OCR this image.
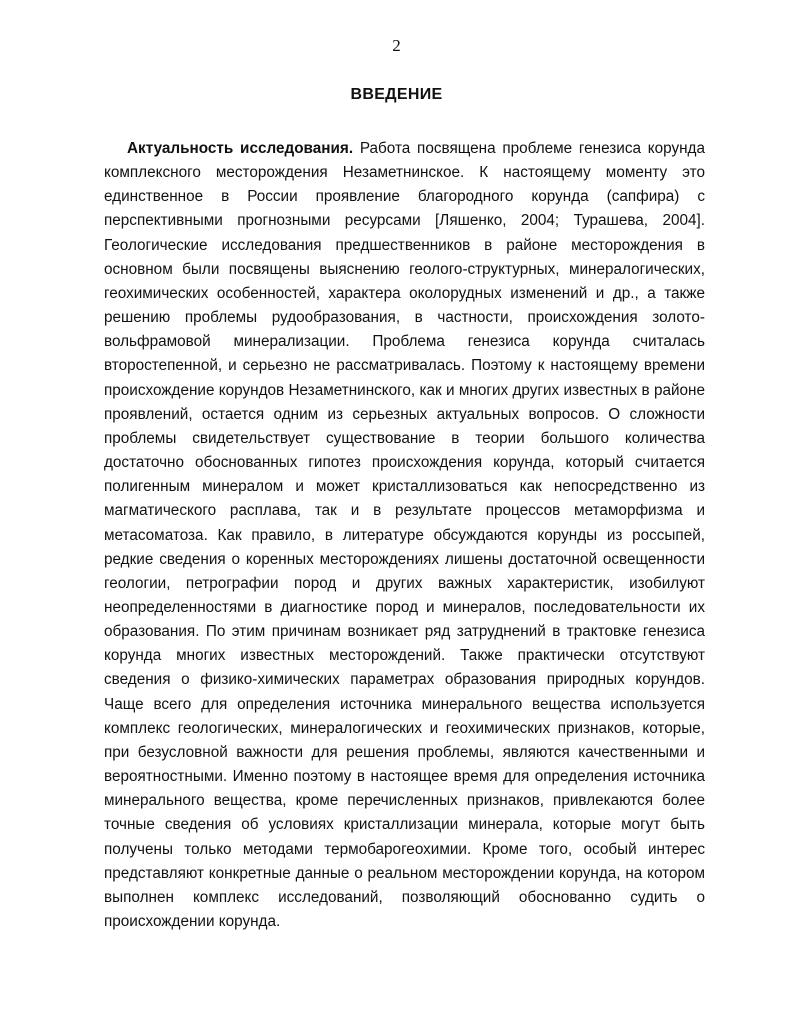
2
ВВЕДЕНИЕ

Актуальность исследования. Работа посвящена проблеме генезиса корунда комплексного месторождения Незаметнинское. К настоящему моменту это единственное в России проявление благородного корунда (сапфира) с перспективными прогнозными ресурсами [Ляшенко, 2004; Турашева, 2004]. Геологические исследования предшественников в районе месторождения в основном были посвящены выяснению геолого-структурных, минералогических, геохимических особенностей, характера околорудных изменений и др., а также решению проблемы рудообразования, в частности, происхождения золото-вольфрамовой минерализации. Проблема генезиса корунда считалась второстепенной, и серьезно не рассматривалась. Поэтому к настоящему времени происхождение корундов Незаметнинского, как и многих других известных в районе проявлений, остается одним из серьезных актуальных вопросов. О сложности проблемы свидетельствует существование в теории большого количества достаточно обоснованных гипотез происхождения корунда, который считается полигенным минералом и может кристаллизоваться как непосредственно из магматического расплава, так и в результате процессов метаморфизма и метасоматоза. Как правило, в литературе обсуждаются корунды из россыпей, редкие сведения о коренных месторождениях лишены достаточной освещенности геологии, петрографии пород и других важных характеристик, изобилуют неопределенностями в диагностике пород и минералов, последовательности их образования. По этим причинам возникает ряд затруднений в трактовке генезиса корунда многих известных месторождений. Также практически отсутствуют сведения о физико-химических параметрах образования природных корундов. Чаще всего для определения источника минерального вещества используется комплекс геологических, минералогических и геохимических признаков, которые, при безусловной важности для решения проблемы, являются качественными и вероятностными. Именно поэтому в настоящее время для определения источника минерального вещества, кроме перечисленных признаков, привлекаются более точные сведения об условиях кристаллизации минерала, которые могут быть получены только методами термобарогеохимии. Кроме того, особый интерес представляют конкретные данные о реальном месторождении корунда, на котором выполнен комплекс исследований, позволяющий обоснованно судить о происхождении корунда.
